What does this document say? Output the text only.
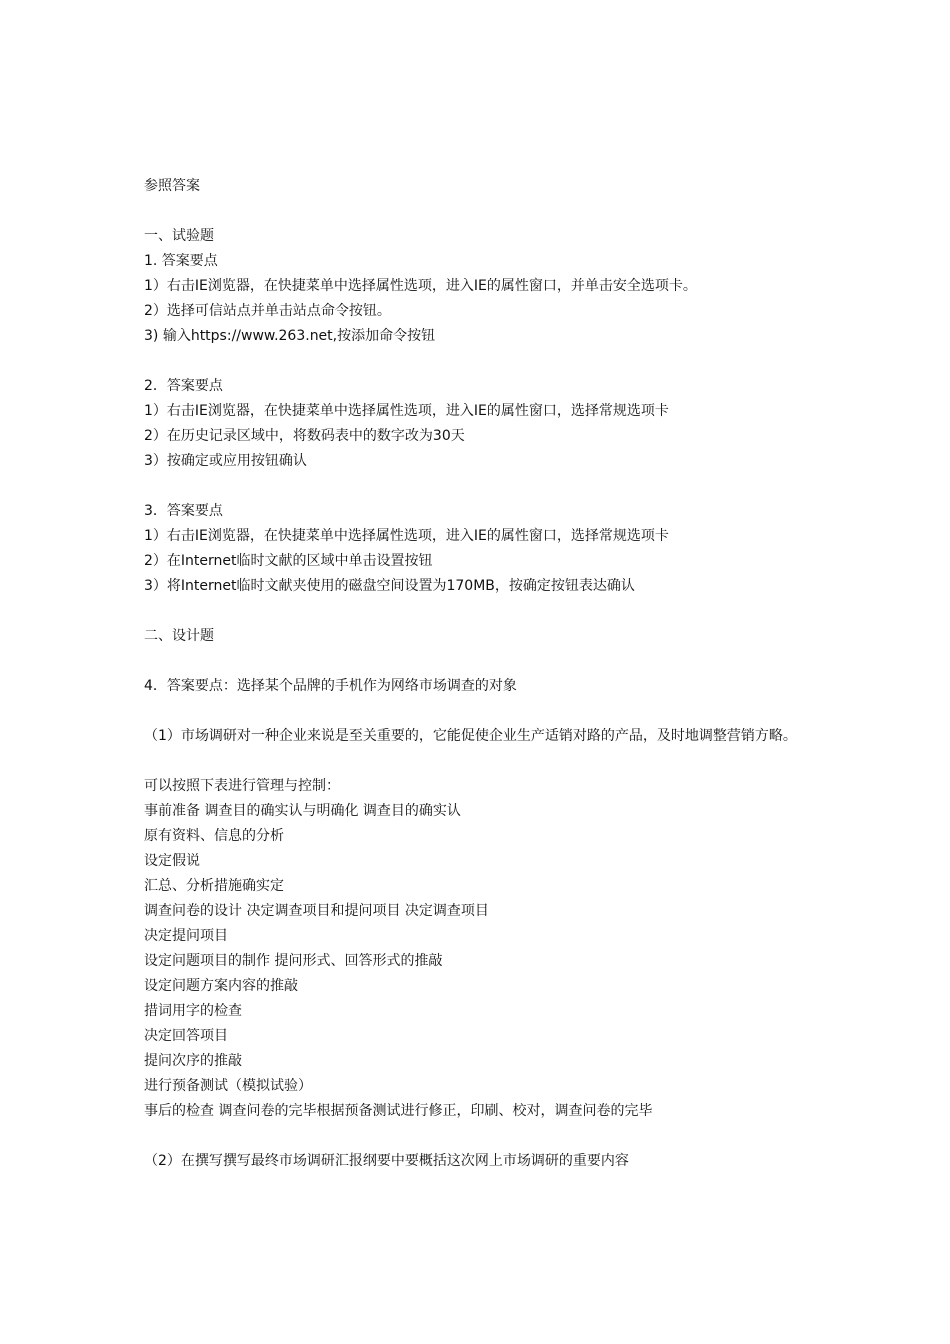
参照答案
一、试验题
1. 答案要点
1）右击IE浏览器，在快捷菜单中选择属性选项，进入IE的属性窗口，并单击安全选项卡。
2）选择可信站点并单击站点命令按钮。
3) 输入https://www.263.net,按添加命令按钮
2．答案要点
1）右击IE浏览器，在快捷菜单中选择属性选项，进入IE的属性窗口，选择常规选项卡
2）在历史记录区域中，将数码表中的数字改为30天
3）按确定或应用按钮确认
3．答案要点
1）右击IE浏览器，在快捷菜单中选择属性选项，进入IE的属性窗口，选择常规选项卡
2）在Internet临时文献的区域中单击设置按钮
3）将Internet临时文献夹使用的磁盘空间设置为170MB，按确定按钮表达确认
二、设计题
4．答案要点：选择某个品牌的手机作为网络市场调查的对象
（1）市场调研对一种企业来说是至关重要的，它能促使企业生产适销对路的产品，及时地调整营销方略。
可以按照下表进行管理与控制：
事前准备 调查目的确实认与明确化 调查目的确实认
原有资料、信息的分析
设定假说
汇总、分析措施确实定
调查问卷的设计 决定调查项目和提问项目 决定调查项目
决定提问项目
设定问题项目的制作 提问形式、回答形式的推敲
设定问题方案内容的推敲
措词用字的检查
决定回答项目
提问次序的推敲
进行预备测试（模拟试验）
事后的检查 调查问卷的完毕根据预备测试进行修正，印刷、校对，调查问卷的完毕
（2）在撰写撰写最终市场调研汇报纲要中要概括这次网上市场调研的重要内容
